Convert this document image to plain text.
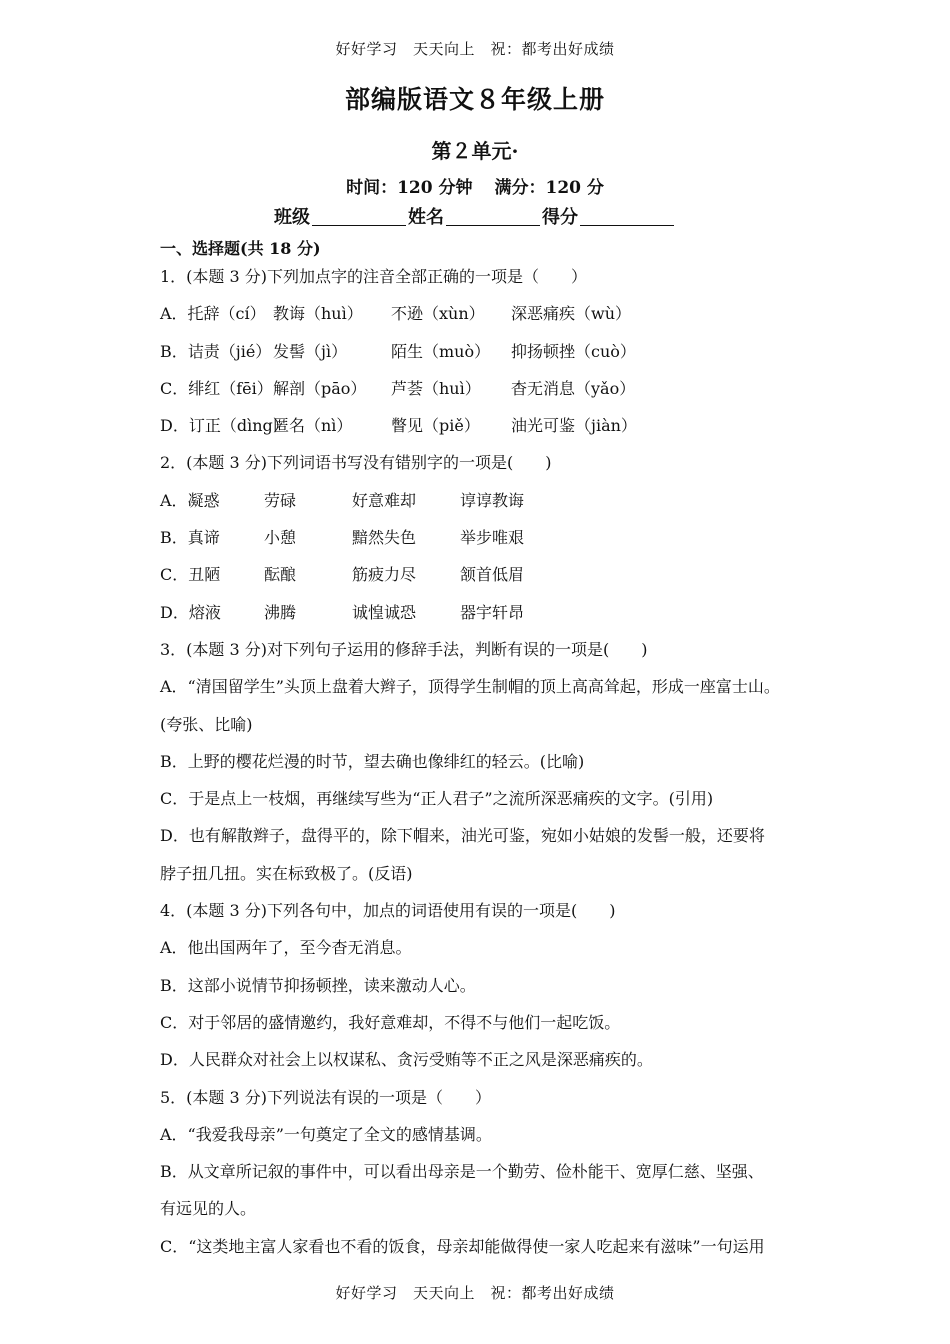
好好学习　天天向上　祝：都考出好成绩
部编版语文８年级上册
第２单元·
时间：120 分钟 满分：120 分
班级	姓名	得分
一、选择题(共 18 分)
1．(本题 3 分)下列加点字的注音全部正确的一项是（　　）
A．托辞（cí） 教诲（huì） 不逊（xùn） 深恶痛疾（wù）
B．诘责（jié） 发髻（jì）	陌生（muò） 抑扬顿挫（cuò）
C．绯红（fēi）解剖（pāo） 芦荟（huì） 杳无消息（yǎo）
D．订正（dìng）匿名（nì） 瞥见（piě） 油光可鉴（jiàn）
2．(本题 3 分)下列词语书写没有错别字的一项是(　　)
A．凝惑	劳碌	好意难却	谆谆教诲
B．真谛	小憩	黯然失色	举步唯艰
C．丑陋	酝酿	筋疲力尽	颔首低眉
D．熔液	沸腾	诚惶诚恐	器宇轩昂
3．(本题 3 分)对下列句子运用的修辞手法，判断有误的一项是(　　)
A．“清国留学生”头顶上盘着大辫子，顶得学生制帽的顶上高高耸起，形成一座富士山。
(夸张、比喻)
B．上野的樱花烂漫的时节，望去确也像绯红的轻云。(比喻)
C．于是点上一枝烟，再继续写些为“正人君子”之流所深恶痛疾的文字。(引用)
D．也有解散辫子，盘得平的，除下帽来，油光可鉴，宛如小姑娘的发髻一般，还要将
脖子扭几扭。实在标致极了。(反语)
4．(本题 3 分)下列各句中，加点的词语使用有误的一项是(　　)
A．他出国两年了，至今杳无消息。
B．这部小说情节抑扬顿挫，读来激动人心。
C．对于邻居的盛情邀约，我好意难却，不得不与他们一起吃饭。
D．人民群众对社会上以权谋私、贪污受贿等不正之风是深恶痛疾的。
5．(本题 3 分)下列说法有误的一项是（　　）
A．“我爱我母亲”一句奠定了全文的感情基调。
B．从文章所记叙的事件中，可以看出母亲是一个勤劳、俭朴能干、宽厚仁慈、坚强、
有远见的人。
C．“这类地主富人家看也不看的饭食，母亲却能做得使一家人吃起来有滋味”一句运用
好好学习　天天向上　祝：都考出好成绩
